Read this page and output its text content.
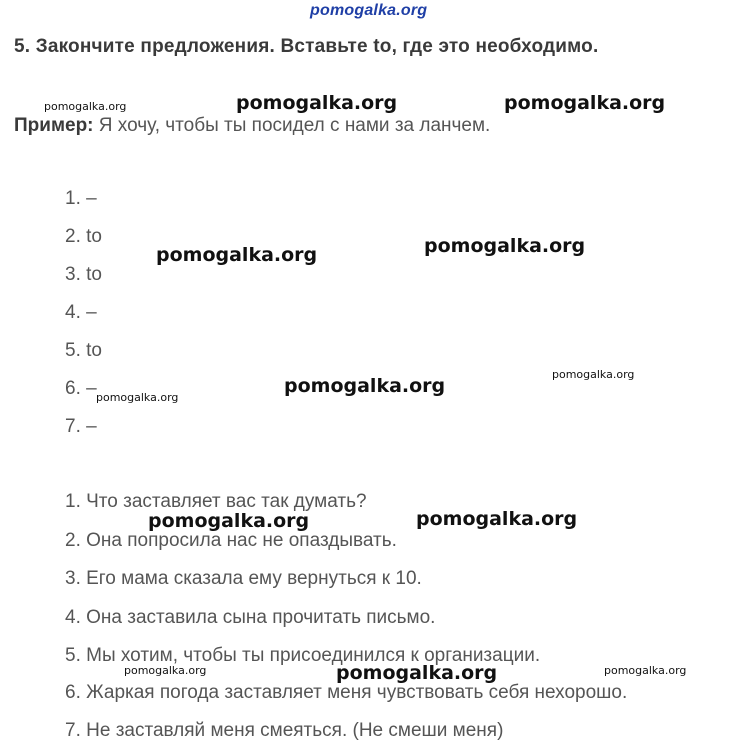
pomogalka.org
5. Закончите предложения. Вставьте to, где это необходимо.
Пример: Я хочу, чтобы ты посидел с нами за ланчем.
1. –
2. to
3. to
4. –
5. to
6. –
7. –
1. Что заставляет вас так думать?
2. Она попросила нас не опаздывать.
3. Его мама сказала ему вернуться к 10.
4. Она заставила сына прочитать письмо.
5. Мы хотим, чтобы ты присоединился к организации.
6. Жаркая погода заставляет меня чувствовать себя нехорошо.
7. Не заставляй меня смеяться. (Не смеши меня)
pomogalka.org	pomogalka.org	pomogalka.org
pomogalka.org	pomogalka.org
pomogalka.org
pomogalka.org
pomogalka.org
pomogalka.org	pomogalka.org
pomogalka.org	pomogalka.org	pomogalka.org
